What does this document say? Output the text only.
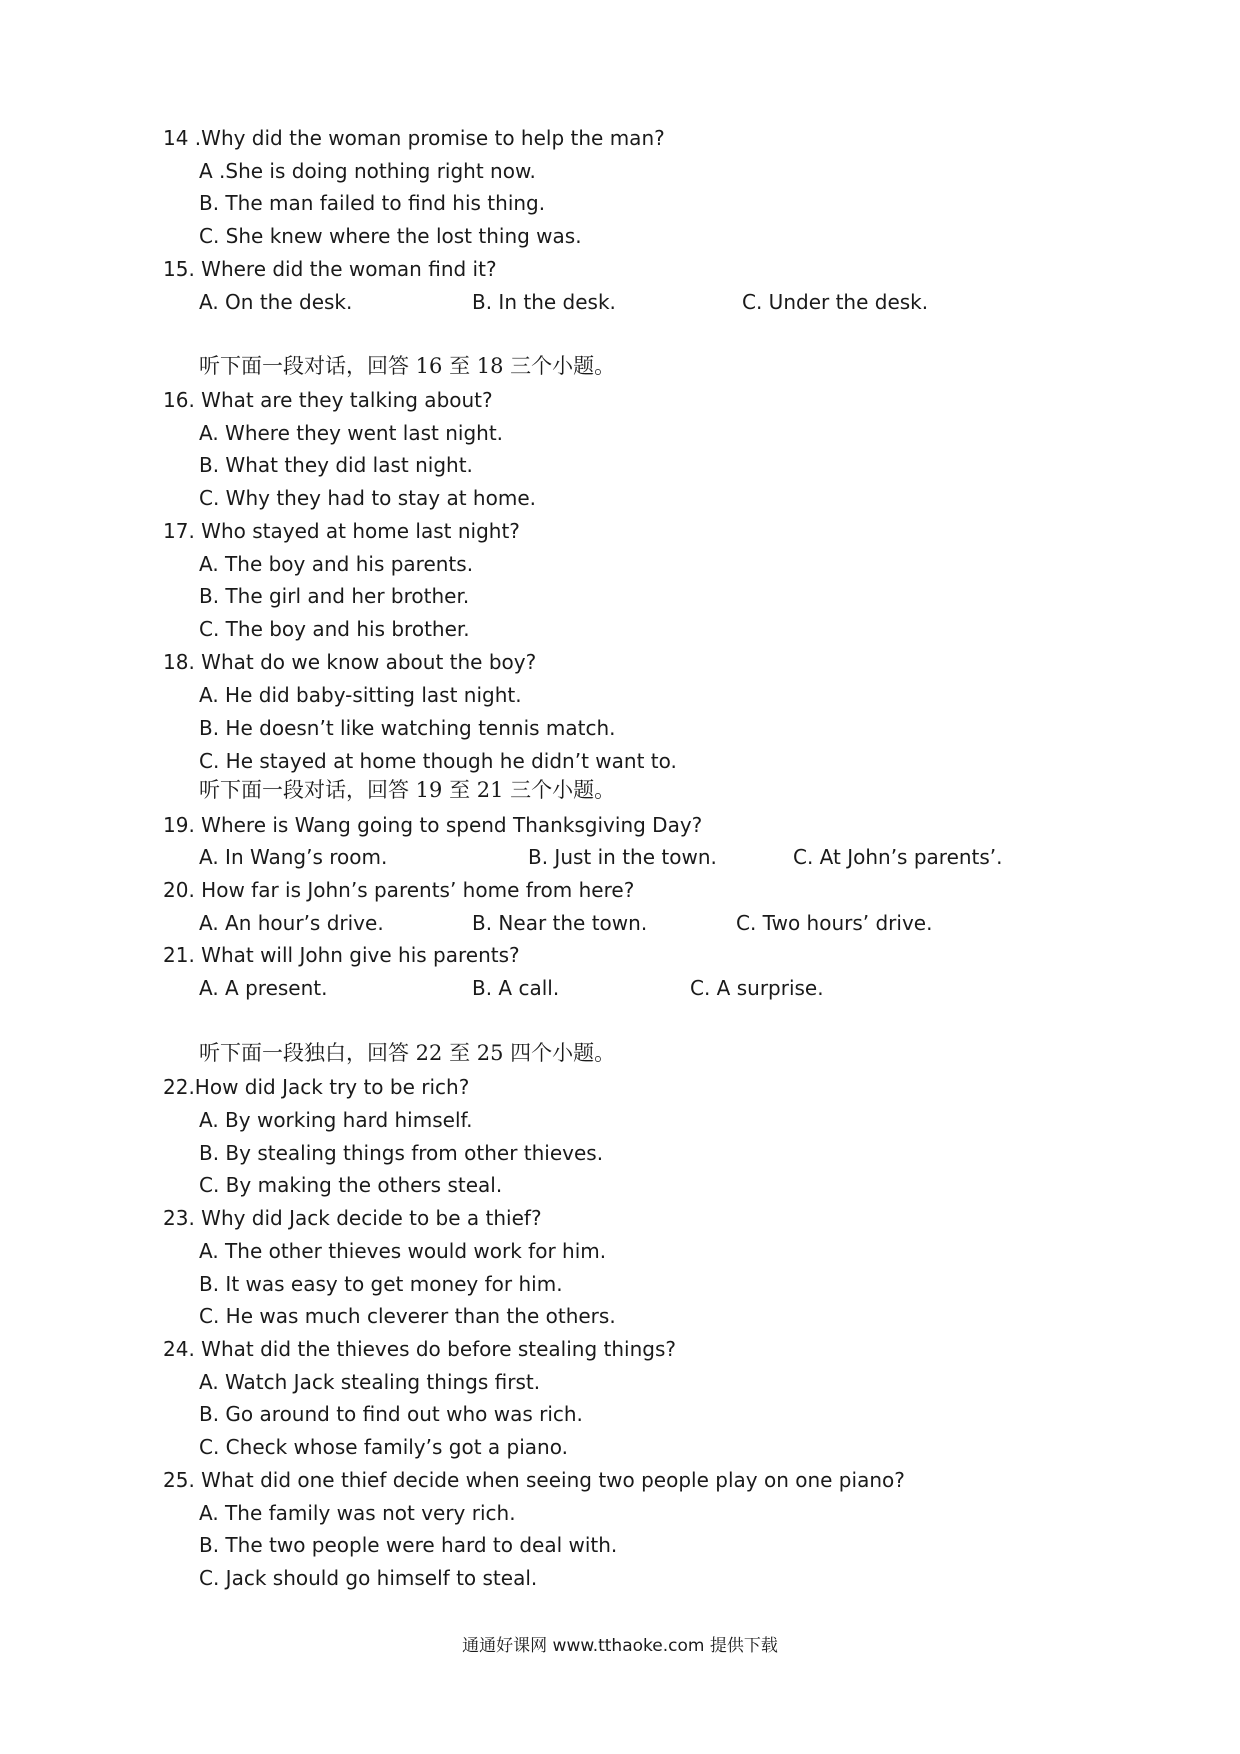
14 .Why did the woman promise to help the man?
A .She is doing nothing right now.
B. The man failed to find his thing.
C. She knew where the lost thing was.
15. Where did the woman find it?
A. On the desk.	B. In the desk.	C. Under the desk.
听下面一段对话，回答 16 至 18 三个小题。
16. What are they talking about?
A. Where they went last night.
B. What they did last night.
C. Why they had to stay at home.
17. Who stayed at home last night?
A. The boy and his parents.
B. The girl and her brother.
C. The boy and his brother.
18. What do we know about the boy?
A. He did baby-sitting last night.
B. He doesn’t like watching tennis match.
C. He stayed at home though he didn’t want to.
听下面一段对话，回答 19 至 21 三个小题。
19. Where is Wang going to spend Thanksgiving Day?
A. In Wang’s room.	B. Just in the town.	C. At John’s parents’.
20. How far is John’s parents’ home from here?
A. An hour’s drive.	B. Near the town.	C. Two hours’ drive.
21. What will John give his parents?
A. A present.	B. A call.	C. A surprise.
听下面一段独白，回答 22 至 25 四个小题。
22.How did Jack try to be rich?
A. By working hard himself.
B. By stealing things from other thieves.
C. By making the others steal.
23. Why did Jack decide to be a thief?
A. The other thieves would work for him.
B. It was easy to get money for him.
C. He was much cleverer than the others.
24. What did the thieves do before stealing things?
A. Watch Jack stealing things first.
B. Go around to find out who was rich.
C. Check whose family’s got a piano.
25. What did one thief decide when seeing two people play on one piano?
A. The family was not very rich.
B. The two people were hard to deal with.
C. Jack should go himself to steal.
通通好课网 www.tthaoke.com 提供下载
